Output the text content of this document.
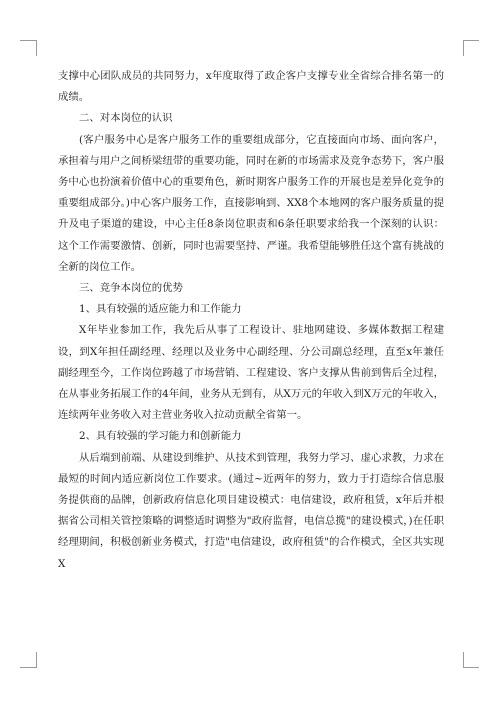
支撑中心团队成员的共同努力，x年度取得了政企客户支撑专业全省综合排名第一的成绩。

二、对本岗位的认识

(客户服务中心是客户服务工作的重要组成部分，它直接面向市场、面向客户，承担着与用户之间桥梁纽带的重要功能，同时在新的市场需求及竞争态势下，客户服务中心也扮演着价值中心的重要角色，新时期客户服务工作的开展也是差异化竞争的重要组成部分。)中心客户服务工作，直接影响到、XX8个本地网的客户服务质量的提升及电子渠道的建设，中心主任8条岗位职责和6条任职要求给我一个深刻的认识：这个工作需要激情、创新，同时也需要坚持、严谨。我希望能够胜任这个富有挑战的全新的岗位工作。

三、竞争本岗位的优势

1、具有较强的适应能力和工作能力

X年毕业参加工作，我先后从事了工程设计、驻地网建设、多媒体数据工程建设，到X年担任副经理、经理以及业务中心副经理、分公司副总经理，直至x年兼任副经理至今，工作岗位跨越了市场营销、工程建设、客户支撑从售前到售后全过程，在从事业务拓展工作的4年间，业务从无到有，从X万元的年收入到X万元的年收入，连续两年业务收入对主营业务收入拉动贡献全省第一。

2、具有较强的学习能力和创新能力

从后端到前端、从建设到维护、从技术到管理，我努力学习、虚心求教，力求在最短的时间内适应新岗位工作要求。(通过~近两年的努力，致力于打造综合信息服务提供商的品牌，创新政府信息化项目建设模式：电信建设，政府租赁，x年后并根据省公司相关管控策略的调整适时调整为"政府监督，电信总揽"的建设模式，)在任职经理期间，积极创新业务模式，打造"电信建设，政府租赁"的合作模式，全区共实现X
